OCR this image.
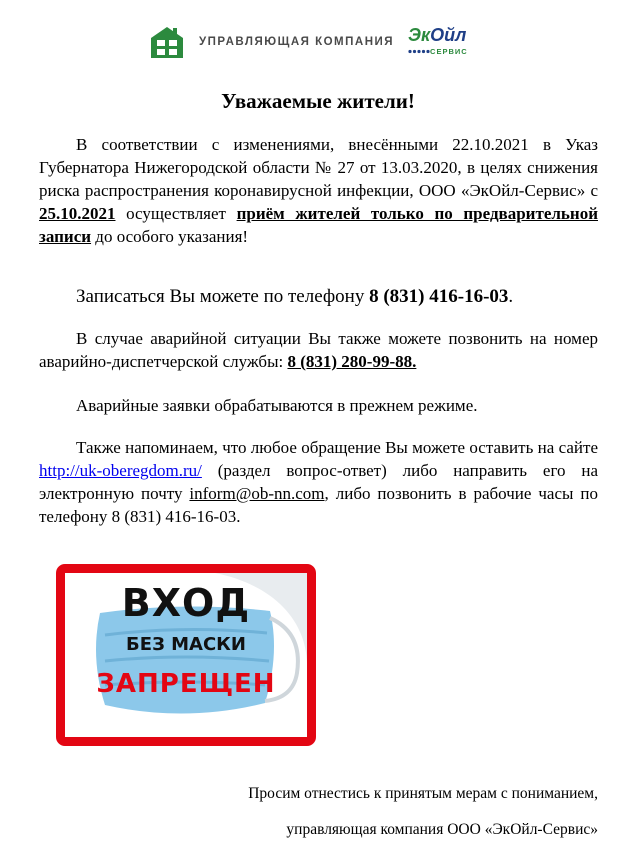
УПРАВЛЯЮЩАЯ КОМПАНИЯ ЭкОйл
СЕРВИС
Уважаемые жители!

В соответствии с изменениями, внесёнными 22.10.2021 в Указ Губернатора Нижегородской области № 27 от 13.03.2020, в целях снижения риска распространения коронавирусной инфекции, ООО «ЭкОйл-Сервис» с 25.10.2021 осуществляет приём жителей только по предварительной записи до особого указания!

Записаться Вы можете по телефону 8 (831) 416-16-03.

В случае аварийной ситуации Вы также можете позвонить на номер аварийно-диспетчерской службы: 8 (831) 280-99-88.

Аварийные заявки обрабатываются в прежнем режиме.

Также напоминаем, что любое обращение Вы можете оставить на сайте http://uk-oberegdom.ru/ (раздел вопрос-ответ) либо направить его на электронную почту inform@ob-nn.com, либо позвонить в рабочие часы по телефону 8 (831) 416-16-03.

ВХОД
БЕЗ МАСКИ
ЗАПРЕЩЕН
Просим отнестись к принятым мерам с пониманием,
управляющая компания ООО «ЭкОйл-Сервис»
